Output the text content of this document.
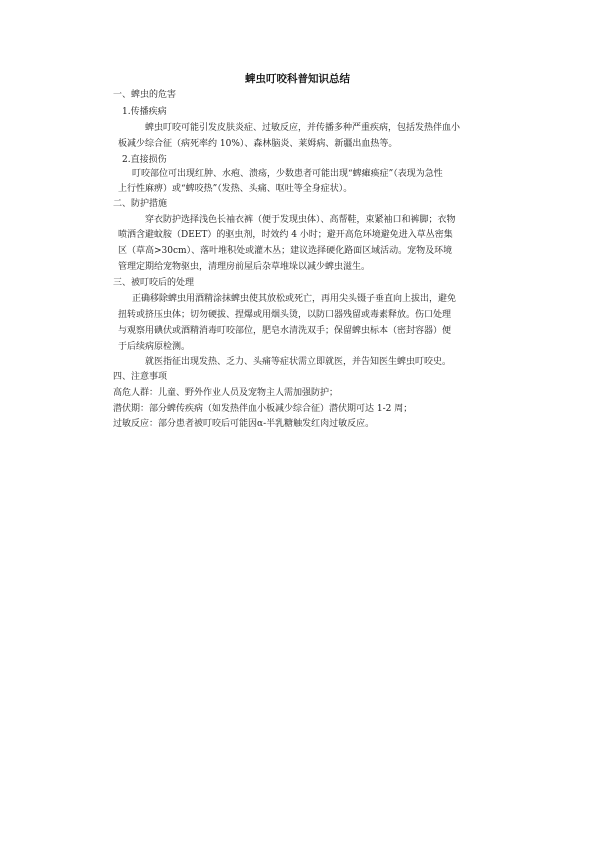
蜱虫叮咬科普知识总结
一、蜱虫的危害
1.传播疾病
蜱虫叮咬可能引发皮肤炎症、过敏反应，并传播多种严重疾病，包括发热伴血小
板减少综合征（病死率约 10%）、森林脑炎、莱姆病、新疆出血热等。
2.直接损伤
叮咬部位可出现红肿、水疱、溃疡，少数患者可能出现“蜱瘫痪症”（表现为急性
上行性麻痹）或“蜱咬热”（发热、头痛、呕吐等全身症状）。
二、防护措施
穿衣防护选择浅色长袖衣裤（便于发现虫体）、高帮鞋，束紧袖口和裤脚；衣物
喷洒含避蚊胺（DEET）的驱虫剂，时效约 4 小时；避开高危环境避免进入草丛密集
区（草高>30cm）、落叶堆积处或灌木丛；建议选择硬化路面区域活动。宠物及环境
管理定期给宠物驱虫，清理房前屋后杂草堆垛以减少蜱虫滋生。
三、被叮咬后的处理
正确移除蜱虫用酒精涂抹蜱虫使其放松或死亡，再用尖头镊子垂直向上拔出，避免
扭转或挤压虫体；切勿硬拔、捏爆或用烟头烫，以防口器残留或毒素释放。伤口处理
与观察用碘伏或酒精消毒叮咬部位，肥皂水清洗双手；保留蜱虫标本（密封容器）便
于后续病原检测。
就医指征出现发热、乏力、头痛等症状需立即就医，并告知医生蜱虫叮咬史。
四、注意事项
高危人群：儿童、野外作业人员及宠物主人需加强防护；
潜伏期：部分蜱传疾病（如发热伴血小板减少综合征）潜伏期可达 1-2 周；
过敏反应：部分患者被叮咬后可能因α-半乳糖触发红肉过敏反应。
